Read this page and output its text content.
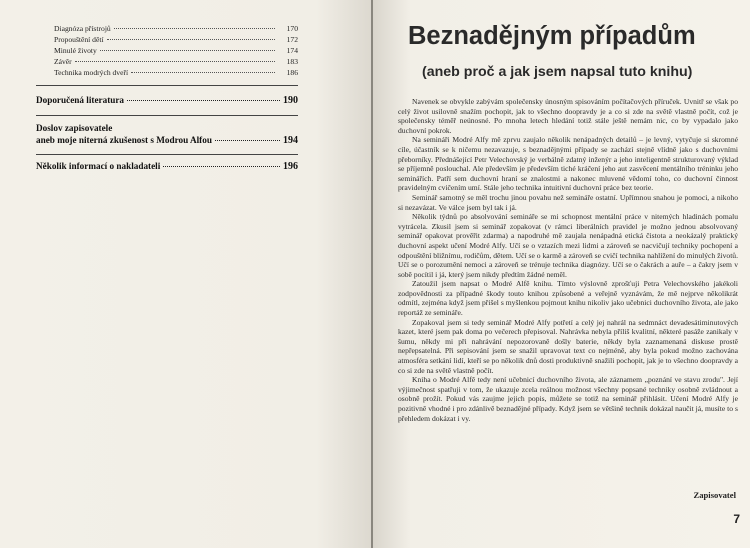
Diagnóza přístrojů	170
Propouštění dětí	172
Minulé životy	174
Závěr	183
Technika modrých dveří	186
Doporučená literatura	190
Doslov zapisovatele
aneb moje niterná zkušenost s Modrou Alfou	194
Několik informací o nakladateli	196
Beznadějným případům
(aneb proč a jak jsem napsal tuto knihu)

Navenek se obvykle zabývám společensky únosným spisováním počítačových příruček. Uvnitř se však po celý život usilovně snažím pochopit, jak to všechno doopravdy je a co si zde na světě vlastně počít, což je společensky téměř neúnosné. Po mnoha letech hledání totiž stále ještě nemám nic, co by vypadalo jako duchovní pokrok.

Na semináři Modré Alfy mě zprvu zaujalo několik nenápadných detailů – je levný, vytyčuje si skromné cíle, účastník se k ničemu nezavazuje, s beznadějnými případy se zachází stejně vlídně jako s duchovními přeborníky. Přednášející Petr Velechovský je verbálně zdatný inženýr a jeho inteligentně strukturovaný výklad se příjemně poslouchal. Ale především je především tiché kráčení jeho aut zasvěcení mentálního tréninku jeho seminářích. Patří sem duchovní hraní se znalostmi a nakonec mluvené vědomí toho, co duchovní činnost pravidelným cvičením umí. Stále jeho technika intuitivní duchovní práce bez teorie.

Seminář samotný se měl trochu jinou povahu než semináře ostatní. Upřímnou snahou je pomoci, a nikoho si nezavázat. Ve válce jsem byl tak i já.

Několik týdnů po absolvování semináře se mi schopnost mentální práce v nitemých hladinách pomalu vytrácela. Zkusil jsem si seminář zopakovat (v rámci liberálních pravidel je možno jednou absolvovaný seminář opakovat prověřit zdarma) a napodruhé mě zaujala nenápadná etická čistota a neokázalý praktický duchovní aspekt učení Modré Alfy. Učí se o vztazích mezi lidmi a zároveň se nacvičují techniky pochopení a odpouštění bližnímu, rodičům, dětem. Učí se o karmě a zároveň se cvičí technika nahlížení do minulých životů. Učí se o porozumění nemoci a zároveň se trénuje technika diagnózy. Učí se o čakrách a auře – a čakry jsem v sobě pocítil i já, který jsem nikdy předtím žádné neměl.

Zatoužil jsem napsat o Modré Alfě knihu. Tímto výslovně zprošťuji Petra Velechovského jakékoli zodpovědnosti za případné škody touto knihou způsobené a veřejně vyznávám, že mě nejprve několikrát odmítl, zejména když jsem přišel s myšlenkou pojmout knihu nikoliv jako učebnici duchovního života, ale jako reportáž ze semináře.

Zopakoval jsem si tedy seminář Modré Alfy potřetí a celý jej nahrál na sedmnáct devadesátiminutových kazet, které jsem pak doma po večerech přepisoval. Nahrávka nebyla příliš kvalitní, některé pasáže zanikaly v šumu, někdy mi při nahrávání nepozorovaně došly baterie, někdy byla zaznamenaná diskuse prostě nepřepsatelná. Při sepisování jsem se snažil upravovat text co nejméně, aby byla pokud možno zachována atmosféra setkání lidí, kteří se po několik dnů dosti produktivně snažili pochopit, jak je to všechno doopravdy a co si zde na světě vlastně počít.

Kniha o Modré Alfě tedy není učebnicí duchovního života, ale záznamem „poznání ve stavu zrodu". Její výjimečnost spatřuji v tom, že ukazuje zcela reálnou možnost všechny popsané techniky osobně zvládnout a osobně prožít. Pokud vás zaujme jejich popis, můžete se totiž na seminář přihlásit. Učení Modré Alfy je pozitivně vhodné i pro zdánlivě beznadějné případy. Když jsem se většině technik dokázal naučit já, musíte to s přehledem dokázat i vy.

Zapisovatel
7
